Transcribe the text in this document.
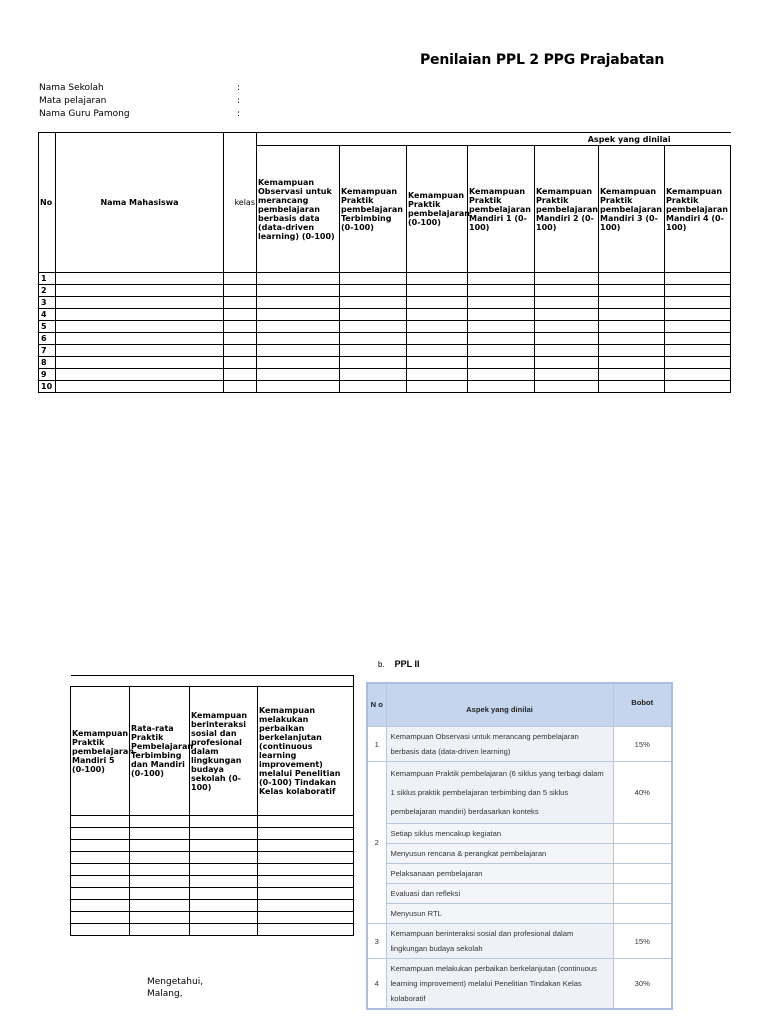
Penilaian PPL 2 PPG Prajabatan
Nama Sekolah	:
Mata pelajaran	:
Nama Guru Pamong	:
No	Nama Mahasiswa	kelas	Aspek yang dinilai						
			Kemampuan Observasi untuk merancang pembelajaran berbasis data (data-driven learning) (0-100)	Kemampuan Praktik pembelajaran Terbimbing (0-100)	Kemampuan Praktik pembelajaran (0-100)	Kemampuan Praktik pembelajaran Mandiri 1 (0-100)	Kemampuan Praktik pembelajaran Mandiri 2 (0-100)	Kemampuan Praktik pembelajaran Mandiri 3 (0-100)	Kemampuan Praktik pembelajaran Mandiri 4 (0-100)
1									
2									
3									
4									
5									
6									
7									
8									
9									
10									

Kemampuan Praktik pembelajaran Mandiri 5 (0-100)	Rata-rata Praktik Pembelajaran Terbimbing dan Mandiri (0-100)	Kemampuan berinteraksi sosial dan profesional dalam lingkungan budaya sekolah (0-100)	Kemampuan melakukan perbaikan berkelanjutan (continuous learning improvement) melalui Penelitian (0-100) Tindakan Kelas kolaboratif

Mengetahui,
Malang,
b. PPL II
N o	Aspek yang dinilai	Bobot
1	Kemampuan Observasi untuk merancang pembelajaran berbasis data (data-driven learning)	15%
2	Kemampuan Praktik pembelajaran (6 siklus yang terbagi dalam 1 siklus praktik pembelajaran terbimbing dan 5 siklus pembelajaran mandiri) berdasarkan konteks	40%
	Setiap siklus mencakup kegiatan	
	Menyusun rencana & perangkat pembelajaran	
	Pelaksanaan pembelajaran	
	Evaluasi dan refleksi	
	Menyusun RTL	
3	Kemampuan berinteraksi sosial dan profesional dalam lingkungan budaya sekolah	15%
4	Kemampuan melakukan perbaikan berkelanjutan (continuous learning improvement) melalui Penelitian Tindakan Kelas kolaboratif	30%
